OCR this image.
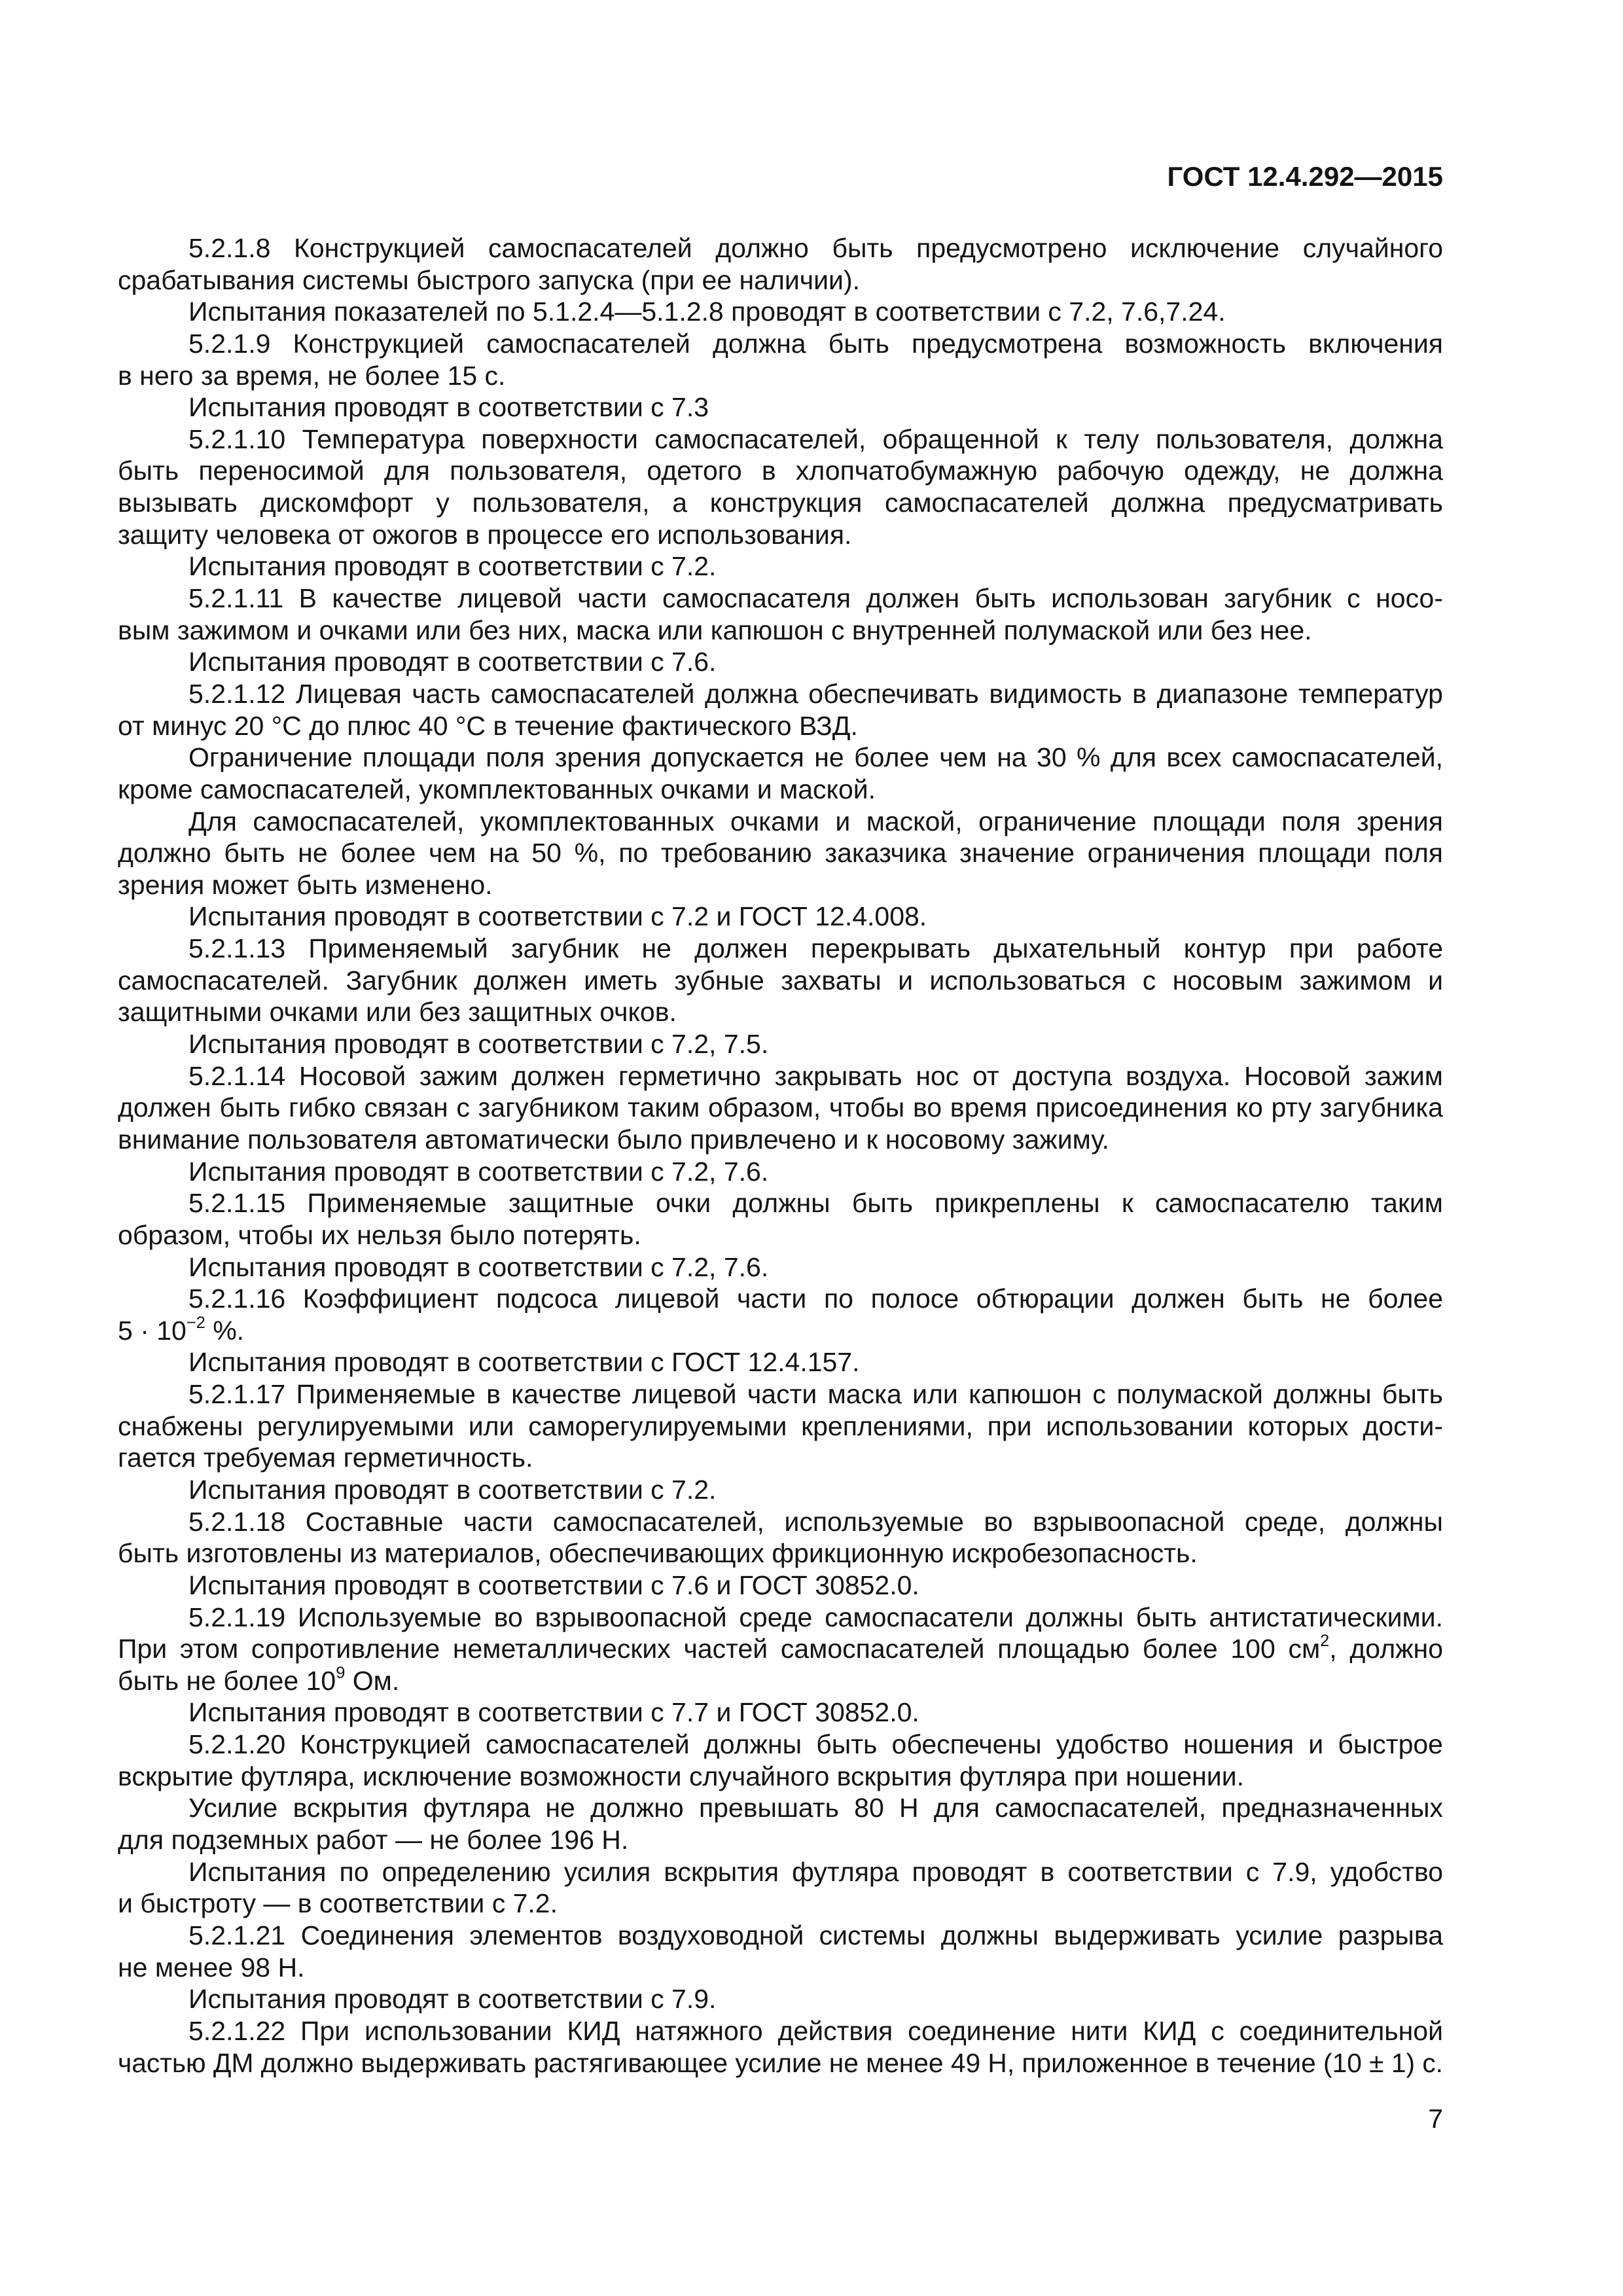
ГОСТ 12.4.292—2015
5.2.1.8 Конструкцией самоспасателей должно быть предусмотрено исключение случайного
срабатывания системы быстрого запуска (при ее наличии).
Испытания показателей по 5.1.2.4—5.1.2.8 проводят в соответствии с 7.2, 7.6,7.24.
5.2.1.9 Конструкцией самоспасателей должна быть предусмотрена возможность включения
в него за время, не более 15 с.
Испытания проводят в соответствии с 7.3
5.2.1.10 Температура поверхности самоспасателей, обращенной к телу пользователя, должна
быть переносимой для пользователя, одетого в хлопчатобумажную рабочую одежду, не должна
вызывать дискомфорт у пользователя, а конструкция самоспасателей должна предусматривать
защиту человека от ожогов в процессе его использования.
Испытания проводят в соответствии с 7.2.
5.2.1.11 В качестве лицевой части самоспасателя должен быть использован загубник с носо-
вым зажимом и очками или без них, маска или капюшон с внутренней полумаской или без нее.
Испытания проводят в соответствии с 7.6.
5.2.1.12 Лицевая часть самоспасателей должна обеспечивать видимость в диапазоне температур
от минус 20 °С до плюс 40 °С в течение фактического ВЗД.
Ограничение площади поля зрения допускается не более чем на 30 % для всех самоспасателей,
кроме самоспасателей, укомплектованных очками и маской.
Для самоспасателей, укомплектованных очками и маской, ограничение площади поля зрения
должно быть не более чем на 50 %, по требованию заказчика значение ограничения площади поля
зрения может быть изменено.
Испытания проводят в соответствии с 7.2 и ГОСТ 12.4.008.
5.2.1.13 Применяемый загубник не должен перекрывать дыхательный контур при работе
самоспасателей. Загубник должен иметь зубные захваты и использоваться с носовым зажимом и
защитными очками или без защитных очков.
Испытания проводят в соответствии с 7.2, 7.5.
5.2.1.14 Носовой зажим должен герметично закрывать нос от доступа воздуха. Носовой зажим
должен быть гибко связан с загубником таким образом, чтобы во время присоединения ко рту загубника
внимание пользователя автоматически было привлечено и к носовому зажиму.
Испытания проводят в соответствии с 7.2, 7.6.
5.2.1.15 Применяемые защитные очки должны быть прикреплены к самоспасателю таким
образом, чтобы их нельзя было потерять.
Испытания проводят в соответствии с 7.2, 7.6.
5.2.1.16 Коэффициент подсоса лицевой части по полосе обтюрации должен быть не более
$5 \cdot 10^{-2}$ %.
Испытания проводят в соответствии с ГОСТ 12.4.157.
5.2.1.17 Применяемые в качестве лицевой части маска или капюшон с полумаской должны быть
снабжены регулируемыми или саморегулируемыми креплениями, при использовании которых дости-
гается требуемая герметичность.
Испытания проводят в соответствии с 7.2.
5.2.1.18 Составные части самоспасателей, используемые во взрывоопасной среде, должны
быть изготовлены из материалов, обеспечивающих фрикционную искробезопасность.
Испытания проводят в соответствии с 7.6 и ГОСТ 30852.0.
5.2.1.19 Используемые во взрывоопасной среде самоспасатели должны быть антистатическими.
При этом сопротивление неметаллических частей самоспасателей площадью более 100 $см^2$, должно
быть не более $10^9$ Ом.
Испытания проводят в соответствии с 7.7 и ГОСТ 30852.0.
5.2.1.20 Конструкцией самоспасателей должны быть обеспечены удобство ношения и быстрое
вскрытие футляра, исключение возможности случайного вскрытия футляра при ношении.
Усилие вскрытия футляра не должно превышать 80 Н для самоспасателей, предназначенных
для подземных работ — не более 196 Н.
Испытания по определению усилия вскрытия футляра проводят в соответствии с 7.9, удобство
и быстроту — в соответствии с 7.2.
5.2.1.21 Соединения элементов воздуховодной системы должны выдерживать усилие разрыва
не менее 98 Н.
Испытания проводят в соответствии с 7.9.
5.2.1.22 При использовании КИД натяжного действия соединение нити КИД с соединительной
частью ДМ должно выдерживать растягивающее усилие не менее 49 Н, приложенное в течение (10 ± 1) с.
7
